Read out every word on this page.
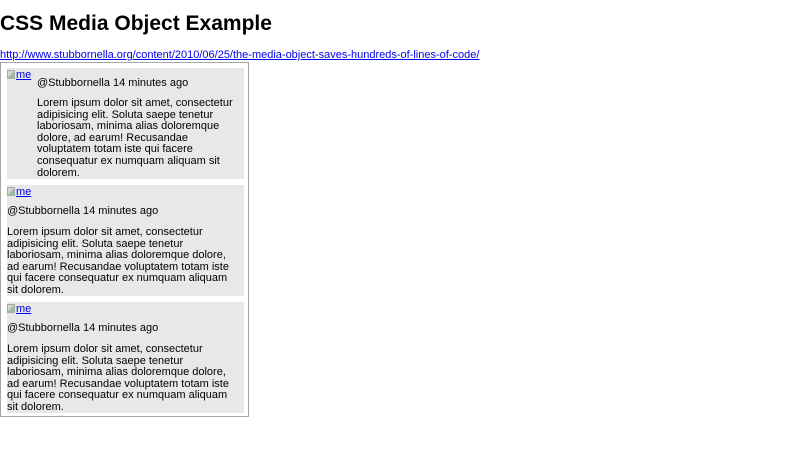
CSS Media Object Example
http://www.stubbornella.org/content/2010/06/25/the-media-object-saves-hundreds-of-lines-of-code/
me
@Stubbornella 14 minutes ago
Lorem ipsum dolor sit amet, consectetur adipisicing elit. Soluta saepe tenetur laboriosam, minima alias doloremque dolore, ad earum! Recusandae voluptatem totam iste qui facere consequatur ex numquam aliquam sit dolorem.
me
@Stubbornella 14 minutes ago
Lorem ipsum dolor sit amet, consectetur adipisicing elit. Soluta saepe tenetur laboriosam, minima alias doloremque dolore, ad earum! Recusandae voluptatem totam iste qui facere consequatur ex numquam aliquam sit dolorem.
me
@Stubbornella 14 minutes ago
Lorem ipsum dolor sit amet, consectetur adipisicing elit. Soluta saepe tenetur laboriosam, minima alias doloremque dolore, ad earum! Recusandae voluptatem totam iste qui facere consequatur ex numquam aliquam sit dolorem.
